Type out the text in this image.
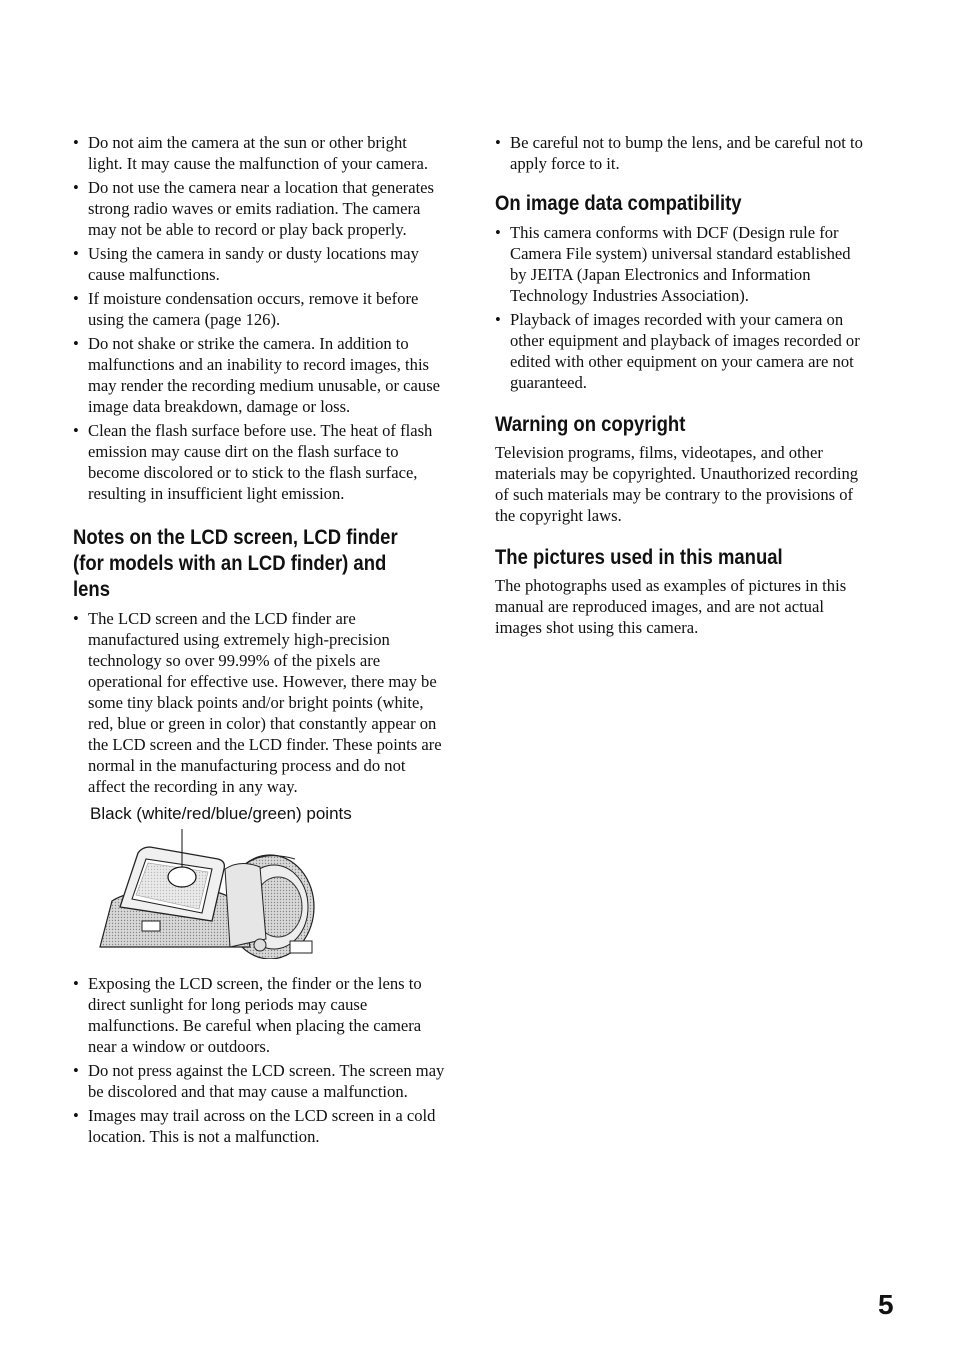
• Do not aim the camera at the sun or other bright light. It may cause the malfunction of your camera.
• Do not use the camera near a location that generates strong radio waves or emits radiation. The camera may not be able to record or play back properly.
• Using the camera in sandy or dusty locations may cause malfunctions.
• If moisture condensation occurs, remove it before using the camera (page 126).
• Do not shake or strike the camera. In addition to malfunctions and an inability to record images, this may render the recording medium unusable, or cause image data breakdown, damage or loss.
• Clean the flash surface before use. The heat of flash emission may cause dirt on the flash surface to become discolored or to stick to the flash surface, resulting in insufficient light emission.
Notes on the LCD screen, LCD finder
(for models with an LCD finder) and
lens
• The LCD screen and the LCD finder are manufactured using extremely high-precision technology so over 99.99% of the pixels are operational for effective use. However, there may be some tiny black points and/or bright points (white, red, blue or green in color) that constantly appear on the LCD screen and the LCD finder. These points are normal in the manufacturing process and do not affect the recording in any way.
Black (white/red/blue/green) points
• Exposing the LCD screen, the finder or the lens to direct sunlight for long periods may cause malfunctions. Be careful when placing the camera near a window or outdoors.
• Do not press against the LCD screen. The screen may be discolored and that may cause a malfunction.
• Images may trail across on the LCD screen in a cold location. This is not a malfunction.
• Be careful not to bump the lens, and be careful not to apply force to it.
On image data compatibility
• This camera conforms with DCF (Design rule for Camera File system) universal standard established by JEITA (Japan Electronics and Information Technology Industries Association).
• Playback of images recorded with your camera on other equipment and playback of images recorded or edited with other equipment on your camera are not guaranteed.
Warning on copyright

Television programs, films, videotapes, and other materials may be copyrighted. Unauthorized recording of such materials may be contrary to the provisions of the copyright laws.

The pictures used in this manual

The photographs used as examples of pictures in this manual are reproduced images, and are not actual images shot using this camera.

5
